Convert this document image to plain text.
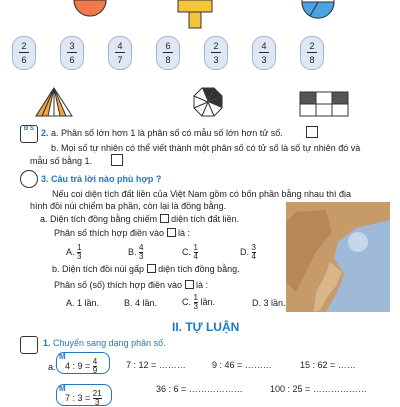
2
6
3
6
4
7
6
8
2
3
4
3
2
8
Đ S 2. a. Phân số lớn hơn 1 là phân số có mẫu số lớn hơn tử số.
b. Mọi số tự nhiên có thể viết thành một phân số có tử số là số tự nhiên đó và
mẫu số bằng 1.
3. Câu trả lời nào phù hợp ?
Nếu coi diện tích đất liền của Việt Nam gồm có bốn phần bằng nhau thì địa
hình đồi núi chiếm ba phần, còn lại là đồng bằng.
a. Diện tích đồng bằng chiếm diện tích đất liền.
Phân số thích hợp điền vào là :
A. $\frac{1}{3}$	B. $\frac{4}{3}$	C. $\frac{1}{4}$	D. $\frac{3}{4}$
b. Diện tích đồi núi gấp diện tích đồng bằng.
Phân số (số) thích hợp điền vào là :
A. 1 lần.	B. 4 lần.	C. $\frac{1}{3}$ lần.	D. 3 lần.
II. TỰ LUẬN
1. Chuyển sang dạng phân số.
M
4 : $9 = \frac{4}{9}$
a.	7 : 12 = ………	9 : 46 = ………	15 : 62 = ……
36 : 6 = ………………	100 : 25 = ………………
M
7 : $3 = \frac{21}{3}$
